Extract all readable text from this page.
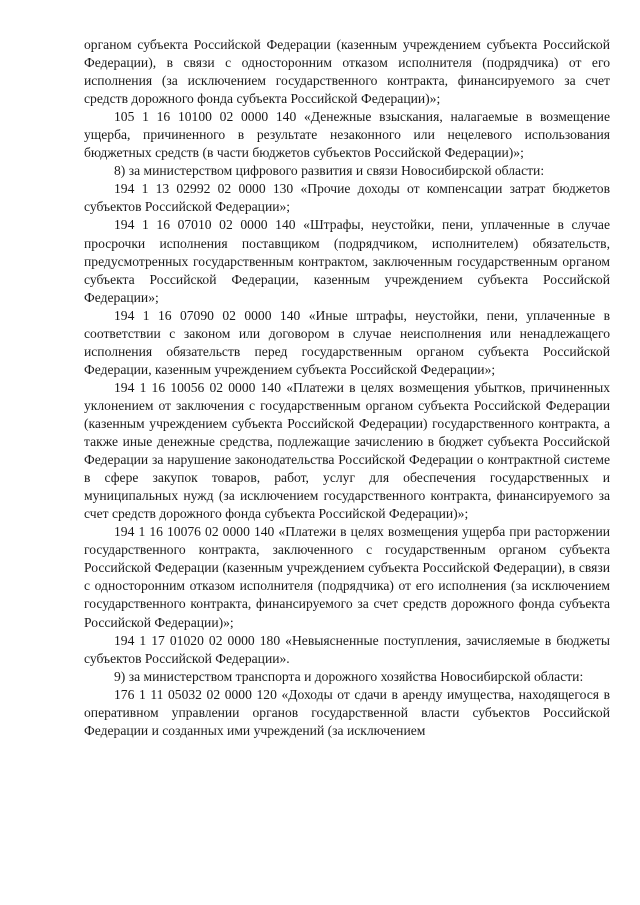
органом субъекта Российской Федерации (казенным учреждением субъекта Российской Федерации), в связи с односторонним отказом исполнителя (подрядчика) от его исполнения (за исключением государственного контракта, финансируемого за счет средств дорожного фонда субъекта Российской Федерации)»;

105 1 16 10100 02 0000 140 «Денежные взыскания, налагаемые в возмещение ущерба, причиненного в результате незаконного или нецелевого использования бюджетных средств (в части бюджетов субъектов Российской Федерации)»;

8) за министерством цифрового развития и связи Новосибирской области:

194 1 13 02992 02 0000 130 «Прочие доходы от компенсации затрат бюджетов субъектов Российской Федерации»;

194 1 16 07010 02 0000 140 «Штрафы, неустойки, пени, уплаченные в случае просрочки исполнения поставщиком (подрядчиком, исполнителем) обязательств, предусмотренных государственным контрактом, заключенным государственным органом субъекта Российской Федерации, казенным учреждением субъекта Российской Федерации»;

194 1 16 07090 02 0000 140 «Иные штрафы, неустойки, пени, уплаченные в соответствии с законом или договором в случае неисполнения или ненадлежащего исполнения обязательств перед государственным органом субъекта Российской Федерации, казенным учреждением субъекта Российской Федерации»;

194 1 16 10056 02 0000 140 «Платежи в целях возмещения убытков, причиненных уклонением от заключения с государственным органом субъекта Российской Федерации (казенным учреждением субъекта Российской Федерации) государственного контракта, а также иные денежные средства, подлежащие зачислению в бюджет субъекта Российской Федерации за нарушение законодательства Российской Федерации о контрактной системе в сфере закупок товаров, работ, услуг для обеспечения государственных и муниципальных нужд (за исключением государственного контракта, финансируемого за счет средств дорожного фонда субъекта Российской Федерации)»;

194 1 16 10076 02 0000 140 «Платежи в целях возмещения ущерба при расторжении государственного контракта, заключенного с государственным органом субъекта Российской Федерации (казенным учреждением субъекта Российской Федерации), в связи с односторонним отказом исполнителя (подрядчика) от его исполнения (за исключением государственного контракта, финансируемого за счет средств дорожного фонда субъекта Российской Федерации)»;

194 1 17 01020 02 0000 180 «Невыясненные поступления, зачисляемые в бюджеты субъектов Российской Федерации».

9) за министерством транспорта и дорожного хозяйства Новосибирской области:

176 1 11 05032 02 0000 120 «Доходы от сдачи в аренду имущества, находящегося в оперативном управлении органов государственной власти субъектов Российской Федерации и созданных ими учреждений (за исключением
